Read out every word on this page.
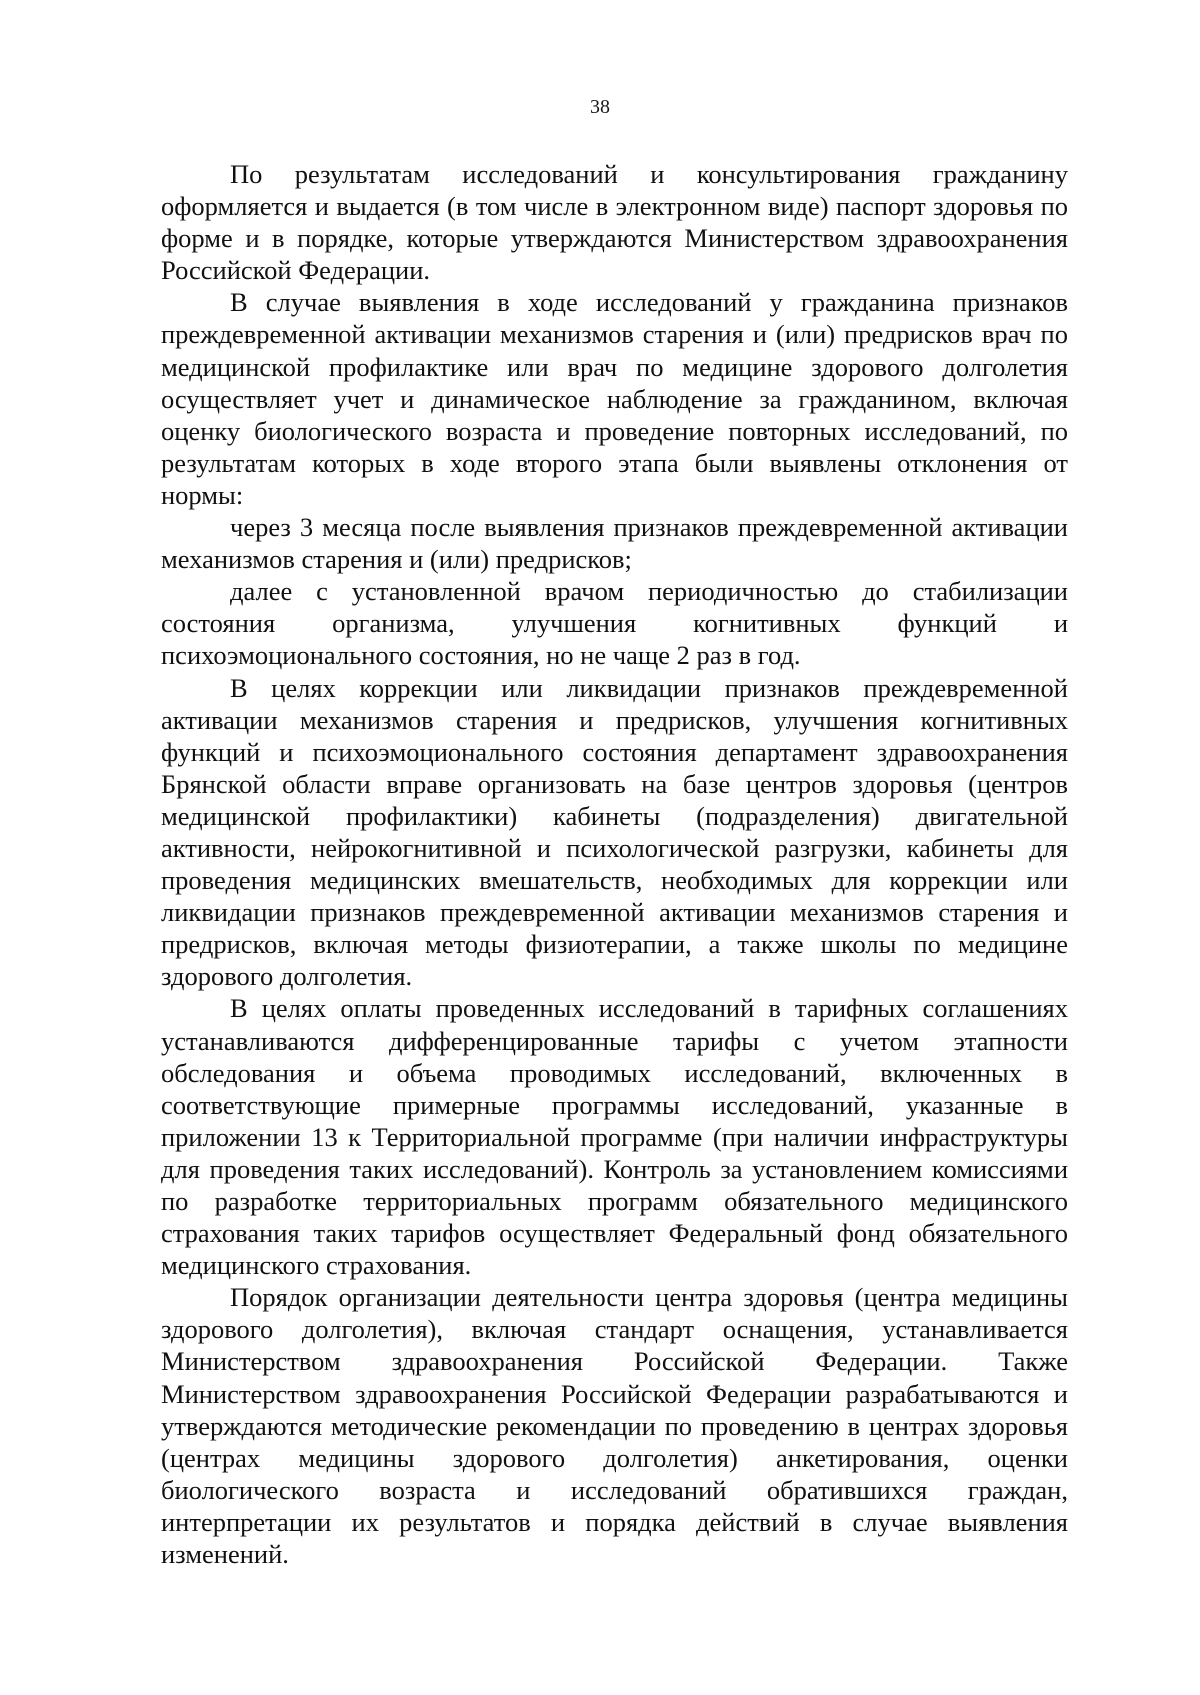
38

По результатам исследований и консультирования гражданину оформляется и выдается (в том числе в электронном виде) паспорт здоровья по форме и в порядке, которые утверждаются Министерством здравоохранения Российской Федерации.

В случае выявления в ходе исследований у гражданина признаков преждевременной активации механизмов старения и (или) предрисков врач по медицинской профилактике или врач по медицине здорового долголетия осуществляет учет и динамическое наблюдение за гражданином, включая оценку биологического возраста и проведение повторных исследований, по результатам которых в ходе второго этапа были выявлены отклонения от нормы:

через 3 месяца после выявления признаков преждевременной активации механизмов старения и (или) предрисков;

далее с установленной врачом периодичностью до стабилизации состояния организма, улучшения когнитивных функций и психоэмоционального состояния, но не чаще 2 раз в год.

В целях коррекции или ликвидации признаков преждевременной активации механизмов старения и предрисков, улучшения когнитивных функций и психоэмоционального состояния департамент здравоохранения Брянской области вправе организовать на базе центров здоровья (центров медицинской профилактики) кабинеты (подразделения) двигательной активности, нейрокогнитивной и психологической разгрузки, кабинеты для проведения медицинских вмешательств, необходимых для коррекции или ликвидации признаков преждевременной активации механизмов старения и предрисков, включая методы физиотерапии, а также школы по медицине здорового долголетия.

В целях оплаты проведенных исследований в тарифных соглашениях устанавливаются дифференцированные тарифы с учетом этапности обследования и объема проводимых исследований, включенных в соответствующие примерные программы исследований, указанные в приложении 13 к Территориальной программе (при наличии инфраструктуры для проведения таких исследований). Контроль за установлением комиссиями по разработке территориальных программ обязательного медицинского страхования таких тарифов осуществляет Федеральный фонд обязательного медицинского страхования.

Порядок организации деятельности центра здоровья (центра медицины здорового долголетия), включая стандарт оснащения, устанавливается Министерством здравоохранения Российской Федерации. Также Министерством здравоохранения Российской Федерации разрабатываются и утверждаются методические рекомендации по проведению в центрах здоровья (центрах медицины здорового долголетия) анкетирования, оценки биологического возраста и исследований обратившихся граждан, интерпретации их результатов и порядка действий в случае выявления изменений.
